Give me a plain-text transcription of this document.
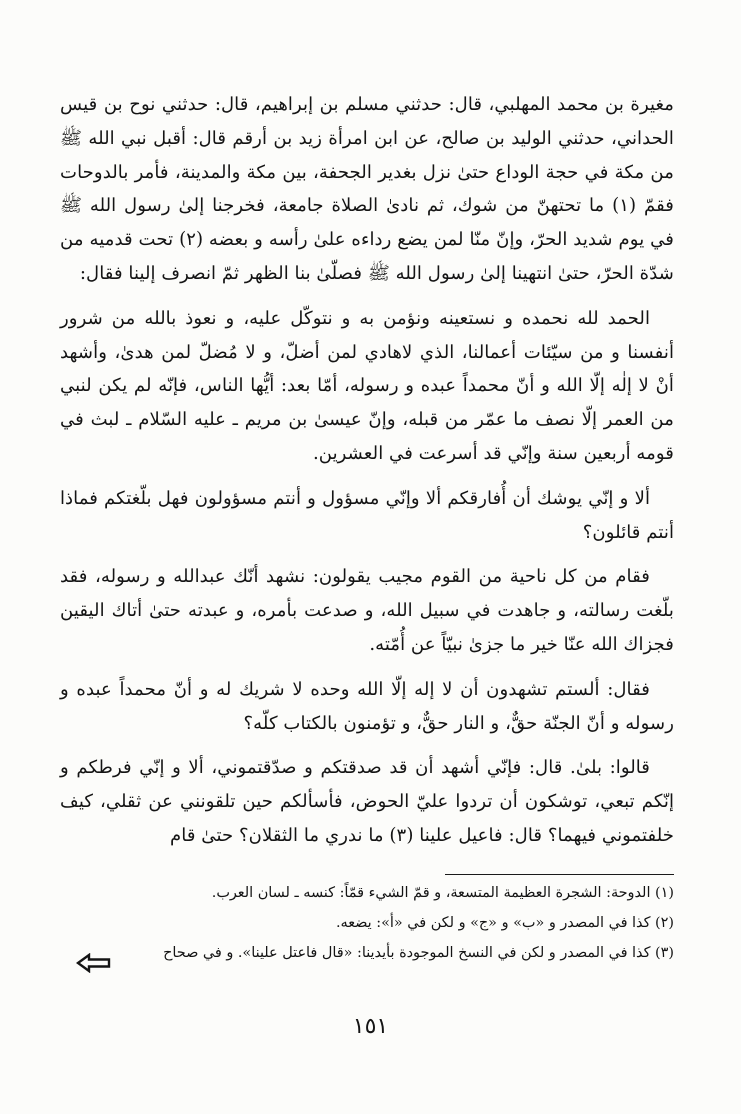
مغيرة بن محمد المهلبي، قال: حدثني مسلم بن إبراهيم، قال: حدثني نوح بن قيس الحداني، حدثني الوليد بن صالح، عن ابن امرأة زيد بن أرقم قال: أقبل نبي الله ﷺ من مكة في حجة الوداع حتىٰ نزل بغدير الجحفة، بين مكة والمدينة، فأمر بالدوحات فقمّ (١) ما تحتهنّ من شوك، ثم نادىٰ الصلاة جامعة، فخرجنا إلىٰ رسول الله ﷺ في يوم شديد الحرّ، وإنّ منّا لمن يضع رداءه علىٰ رأسه و بعضه (٢) تحت قدميه من شدّة الحرّ، حتىٰ انتهينا إلىٰ رسول الله ﷺ فصلّىٰ بنا الظهر ثمّ انصرف إلينا فقال:

الحمد لله نحمده و نستعينه ونؤمن به و نتوكّل عليه، و نعوذ بالله من شرور أنفسنا و من سيّئات أعمالنا، الذي لاهادي لمن أضلّ، و لا مُضلّ لمن هدىٰ، وأشهد أنْ لا إلٰه إلّا الله و أنّ محمداً عبده و رسوله، أمّا بعد: أيُّها الناس، فإنّه لم يكن لنبي من العمر إلّا نصف ما عمّر من قبله، وإنّ عيسىٰ بن مريم ـ عليه السّلام ـ لبث في قومه أربعين سنة وإنّي قد أسرعت في العشرين.

ألا و إنّي يوشك أن أُفارقكم ألا وإنّي مسؤول و أنتم مسؤولون فهل بلّغتكم فماذا أنتم قائلون؟

فقام من كل ناحية من القوم مجيب يقولون: نشهد أنّك عبدالله و رسوله، فقد بلّغت رسالته، و جاهدت في سبيل الله، و صدعت بأمره، و عبدته حتىٰ أتاك اليقين فجزاك الله عنّا خير ما جزىٰ نبيّاً عن أُمّته.

فقال: ألستم تشهدون أن لا إله إلّا الله وحده لا شريك له و أنّ محمداً عبده و رسوله و أنّ الجنّة حقٌّ، و النار حقٌّ، و تؤمنون بالكتاب كلّه؟

قالوا: بلىٰ. قال: فإنّي أشهد أن قد صدقتكم و صدّقتموني، ألا و إنّي فرطكم و إنّكم تبعي، توشكون أن تردوا عليّ الحوض، فأسألكم حين تلقونني عن ثقلي، كيف خلفتموني فيهما؟ قال: فاعيل علينا (٣) ما ندري ما الثقلان؟ حتىٰ قام

(١) الدوحة: الشجرة العظيمة المتسعة، و قمّ الشيء قمّاً: كنسه ـ لسان العرب.

(٢) كذا في المصدر و «ب» و «ج» و لكن في «أ»: يضعه.

(٣) كذا في المصدر و لكن في النسخ الموجودة بأيدينا: «قال فاعتل علينا». و في صحاح

١٥١
